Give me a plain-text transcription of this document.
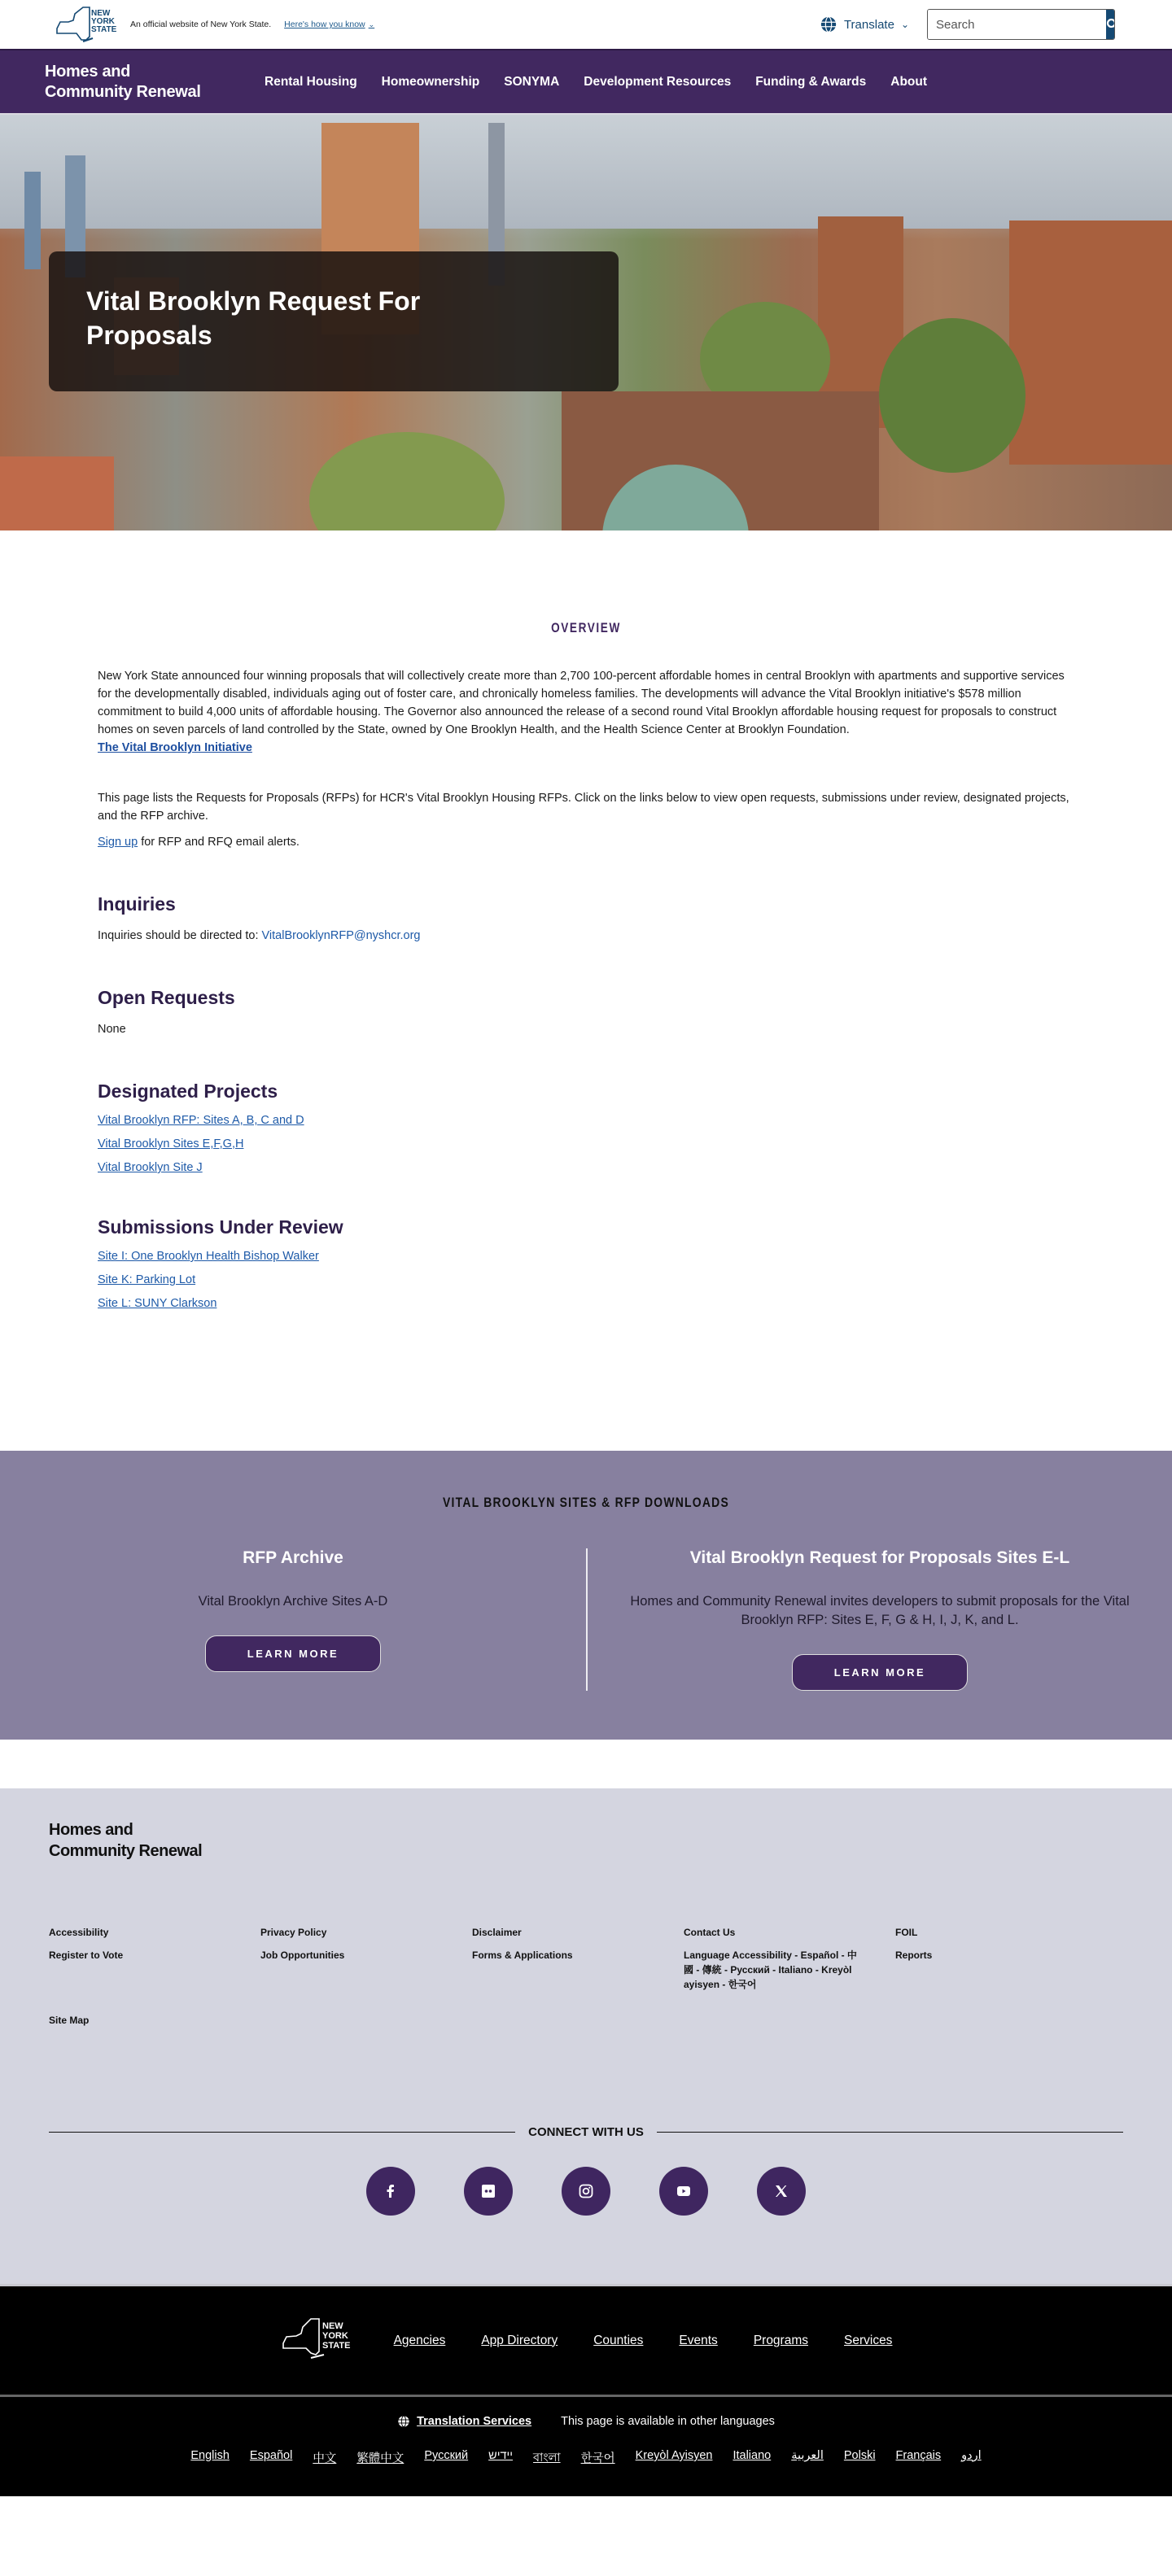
NEW
YORK
STATE
An official website of New York State. Here's how you know ⌄	Translate ⌄
Search
Homes and
Community Renewal
Rental Housing Homeownership SONYMA Development Resources Funding & Awards About
Vital Brooklyn Request For Proposals
OVERVIEW

New York State announced four winning proposals that will collectively create more than 2,700 100-percent affordable homes in central Brooklyn with apartments and supportive services for the developmentally disabled, individuals aging out of foster care, and chronically homeless families. The developments will advance the Vital Brooklyn initiative's $578 million commitment to build 4,000 units of affordable housing. The Governor also announced the release of a second round Vital Brooklyn affordable housing request for proposals to construct homes on seven parcels of land controlled by the State, owned by One Brooklyn Health, and the Health Science Center at Brooklyn Foundation.

The Vital Brooklyn Initiative

This page lists the Requests for Proposals (RFPs) for HCR's Vital Brooklyn Housing RFPs. Click on the links below to view open requests, submissions under review, designated projects, and the RFP archive.

Sign up for RFP and RFQ email alerts.

Inquiries

Inquiries should be directed to: VitalBrooklynRFP@nyshcr.org

Open Requests

None

Designated Projects
Vital Brooklyn RFP: Sites A, B, C and D
Vital Brooklyn Sites E,F,G,H
Vital Brooklyn Site J
Submissions Under Review
Site I: One Brooklyn Health Bishop Walker
Site K: Parking Lot
Site L: SUNY Clarkson
VITAL BROOKLYN SITES & RFP DOWNLOADS
RFP Archive

Vital Brooklyn Archive Sites A-D

LEARN MORE
Vital Brooklyn Request for Proposals Sites E-L

Homes and Community Renewal invites developers to submit proposals for the Vital Brooklyn RFP: Sites E, F, G & H, I, J, K, and L.

LEARN MORE
Homes and
Community Renewal
Accessibility
Register to Vote
Privacy Policy
Job Opportunities
Disclaimer
Forms & Applications
Contact Us
Language Accessibility - Español - 中國 - 傳統 - Русский - Italiano - Kreyòl ayisyen - 한국어
FOIL
Reports
Site Map
CONNECT WITH US
NEW
YORK
STATE	Agencies	App Directory	Counties	Events	Programs	Services
Translation Services This page is available in other languages
English Español 中文 繁體中文 Русский יידיש বাংলা 한국어 Kreyòl Ayisyen Italiano العربية Polski Français اردو
